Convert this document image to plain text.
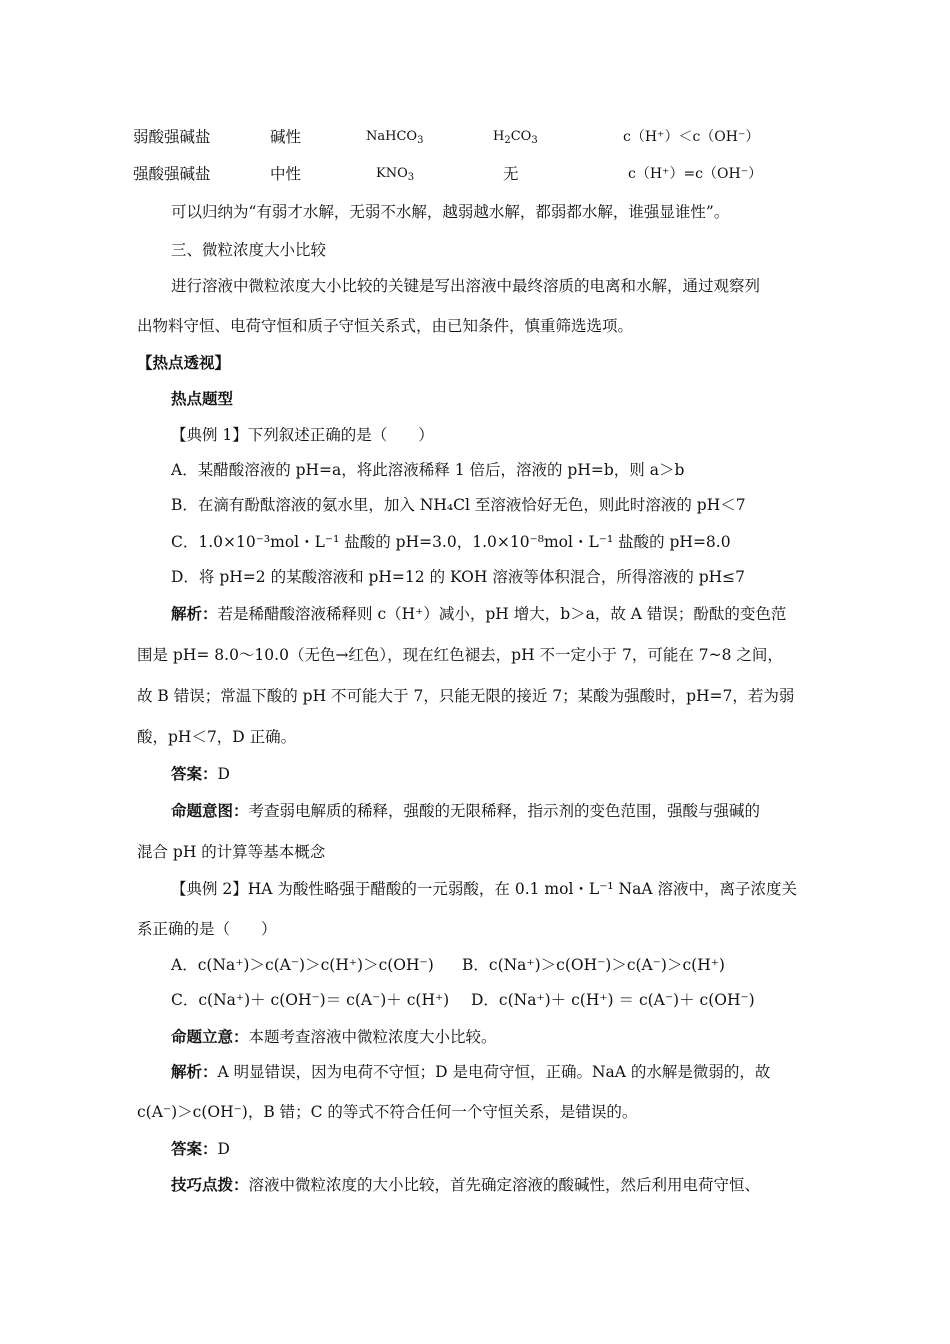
弱酸强碱盐	碱性	NaHCO$_3$	$H_2CO_3$	c（H⁺）＜c（OH⁻）
强酸强碱盐	中性	$KNO_3$	无	c（H⁺）=c（OH⁻）
可以归纳为“有弱才水解，无弱不水解，越弱越水解，都弱都水解，谁强显谁性”。
三、微粒浓度大小比较
进行溶液中微粒浓度大小比较的关键是写出溶液中最终溶质的电离和水解，通过观察列
出物料守恒、电荷守恒和质子守恒关系式，由已知条件，慎重筛选选项。
【热点透视】
热点题型
【典例 1】下列叙述正确的是（　　）
A．某醋酸溶液的 pH=a，将此溶液稀释 1 倍后，溶液的 pH=b，则 a＞b
B．在滴有酚酞溶液的氨水里，加入 NH₄Cl 至溶液恰好无色，则此时溶液的 pH＜7
C．1.0×10⁻³mol・L⁻¹ 盐酸的 pH=3.0，1.0×10⁻⁸mol・L⁻¹ 盐酸的 pH=8.0
D．将 pH=2 的某酸溶液和 pH=12 的 KOH 溶液等体积混合，所得溶液的 pH≤7
解析：若是稀醋酸溶液稀释则 c（H⁺）减小，pH 增大，b＞a，故 A 错误；酚酞的变色范
围是 pH= 8.0～10.0（无色→红色），现在红色褪去，pH 不一定小于 7，可能在 7~8 之间，
故 B 错误；常温下酸的 pH 不可能大于 7，只能无限的接近 7；某酸为强酸时，pH=7，若为弱
酸，pH＜7，D 正确。
答案：D
命题意图：考查弱电解质的稀释，强酸的无限稀释，指示剂的变色范围，强酸与强碱的
混合 pH 的计算等基本概念
【典例 2】HA 为酸性略强于醋酸的一元弱酸，在 0.1 mol・L⁻¹ NaA 溶液中，离子浓度关
系正确的是（　　）
A．c(Na⁺)＞c(A⁻)＞c(H⁺)＞c(OH⁻) B．c(Na⁺)＞c(OH⁻)＞c(A⁻)＞c(H⁺)
C．c(Na⁺)＋ c(OH⁻)＝ c(A⁻)＋ c(H⁺) D．c(Na⁺)＋ c(H⁺) ＝ c(A⁻)＋ c(OH⁻)
命题立意：本题考查溶液中微粒浓度大小比较。
解析：A 明显错误，因为电荷不守恒；D 是电荷守恒，正确。NaA 的水解是微弱的，故
c(A⁻)＞c(OH⁻)，B 错；C 的等式不符合任何一个守恒关系，是错误的。
答案：D
技巧点拨：溶液中微粒浓度的大小比较，首先确定溶液的酸碱性，然后利用电荷守恒、
